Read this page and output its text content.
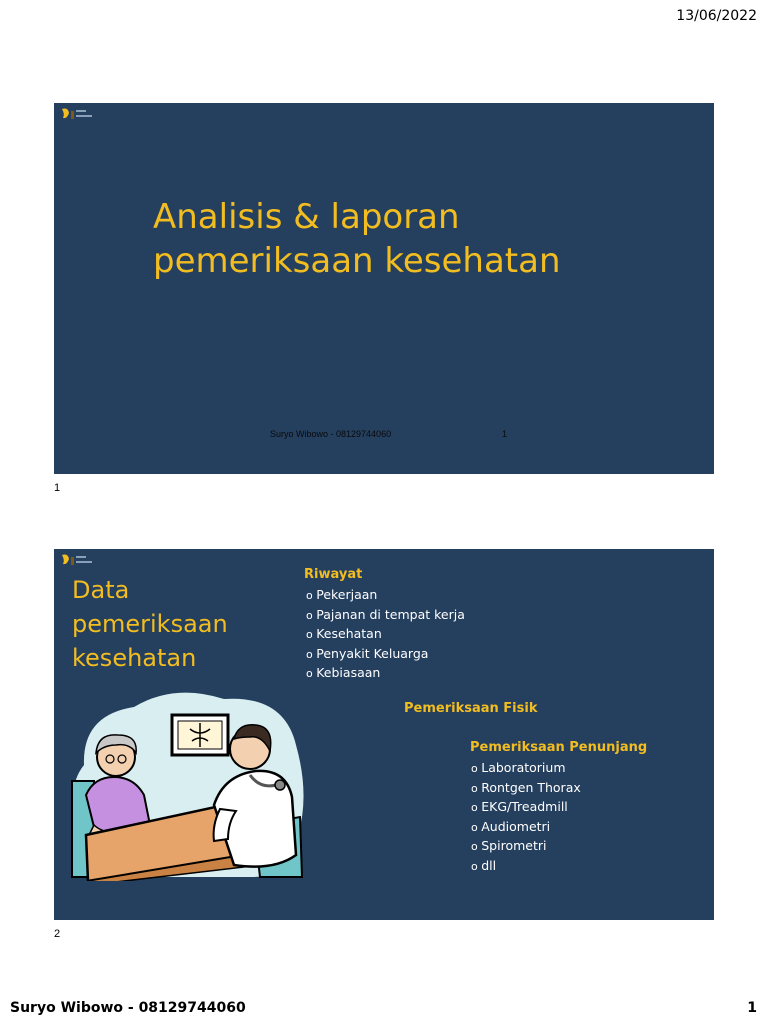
13/06/2022
Analisis & laporan
pemeriksaan kesehatan
Suryo Wibowo - 08129744060	1
1
Data
pemeriksaan
kesehatan
Riwayat
o Pekerjaan
o Pajanan di tempat kerja
o Kesehatan
o Penyakit Keluarga
o Kebiasaan
Pemeriksaan Fisik
Pemeriksaan Penunjang
o Laboratorium
o Rontgen Thorax
o EKG/Treadmill
o Audiometri
o Spirometri
o dll
2
Suryo Wibowo - 08129744060	1
